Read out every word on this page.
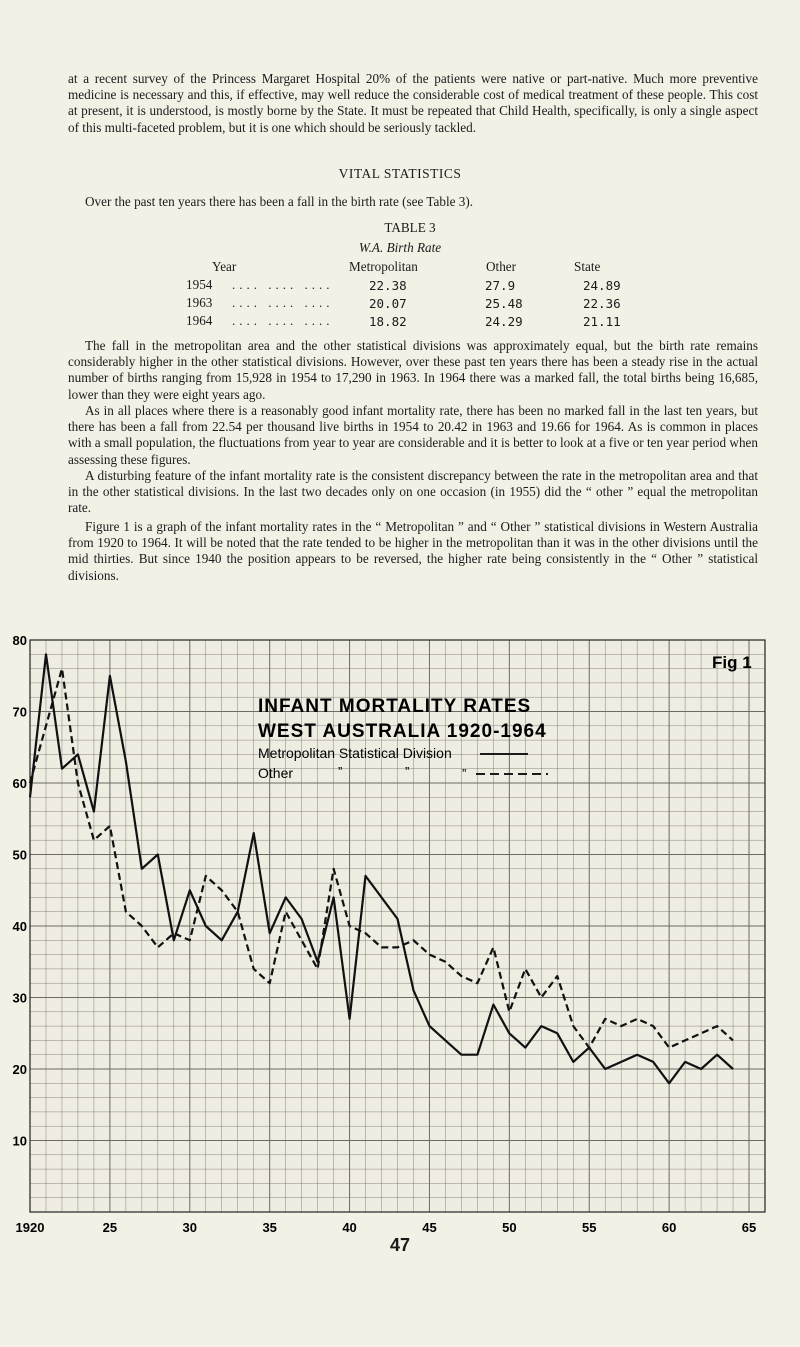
at a recent survey of the Princess Margaret Hospital 20% of the patients were native or part-native. Much more preventive medicine is necessary and this, if effective, may well reduce the considerable cost of medical treatment of these people. This cost at present, it is understood, is mostly borne by the State. It must be repeated that Child Health, specifically, is only a single aspect of this multi-faceted problem, but it is one which should be seriously tackled.

VITAL STATISTICS

Over the past ten years there has been a fall in the birth rate (see Table 3).

TABLE 3

W.A. Birth Rate

Year	Metropolitan	Other	State

1954 .... .... ....	22.38	27.9	24.89

1963 .... .... ....	20.07	25.48	22.36

1964 .... .... ....	18.82	24.29	21.11

The fall in the metropolitan area and the other statistical divisions was approximately equal, but the birth rate remains considerably higher in the other statistical divisions. However, over these past ten years there has been a steady rise in the actual number of births ranging from 15,928 in 1954 to 17,290 in 1963. In 1964 there was a marked fall, the total births being 16,685, lower than they were eight years ago.

As in all places where there is a reasonably good infant mortality rate, there has been no marked fall in the last ten years, but there has been a fall from 22.54 per thousand live births in 1954 to 20.42 in 1963 and 19.66 for 1964. As is common in places with a small population, the fluctuations from year to year are considerable and it is better to look at a five or ten year period when assessing these figures.

A disturbing feature of the infant mortality rate is the consistent discrepancy between the rate in the metropolitan area and that in the other statistical divisions. In the last two decades only on one occasion (in 1955) did the “ other ” equal the metropolitan rate.

Figure 1 is a graph of the infant mortality rates in the “ Metropolitan ” and “ Other ” statistical divisions in Western Australia from 1920 to 1964. It will be noted that the rate tended to be higher in the metropolitan than it was in the other divisions until the mid thirties. But since 1940 the position appears to be reversed, the higher rate being consistently in the “ Other ” statistical divisions.

80
70
60
50
40
30
20
10
1920	25	30	35	40	45	50	55	60	65
Fig 1
INFANT MORTALITY RATES
WEST AUSTRALIA 1920-1964
Metropolitan Statistical Division
Other	”	”	”
47
